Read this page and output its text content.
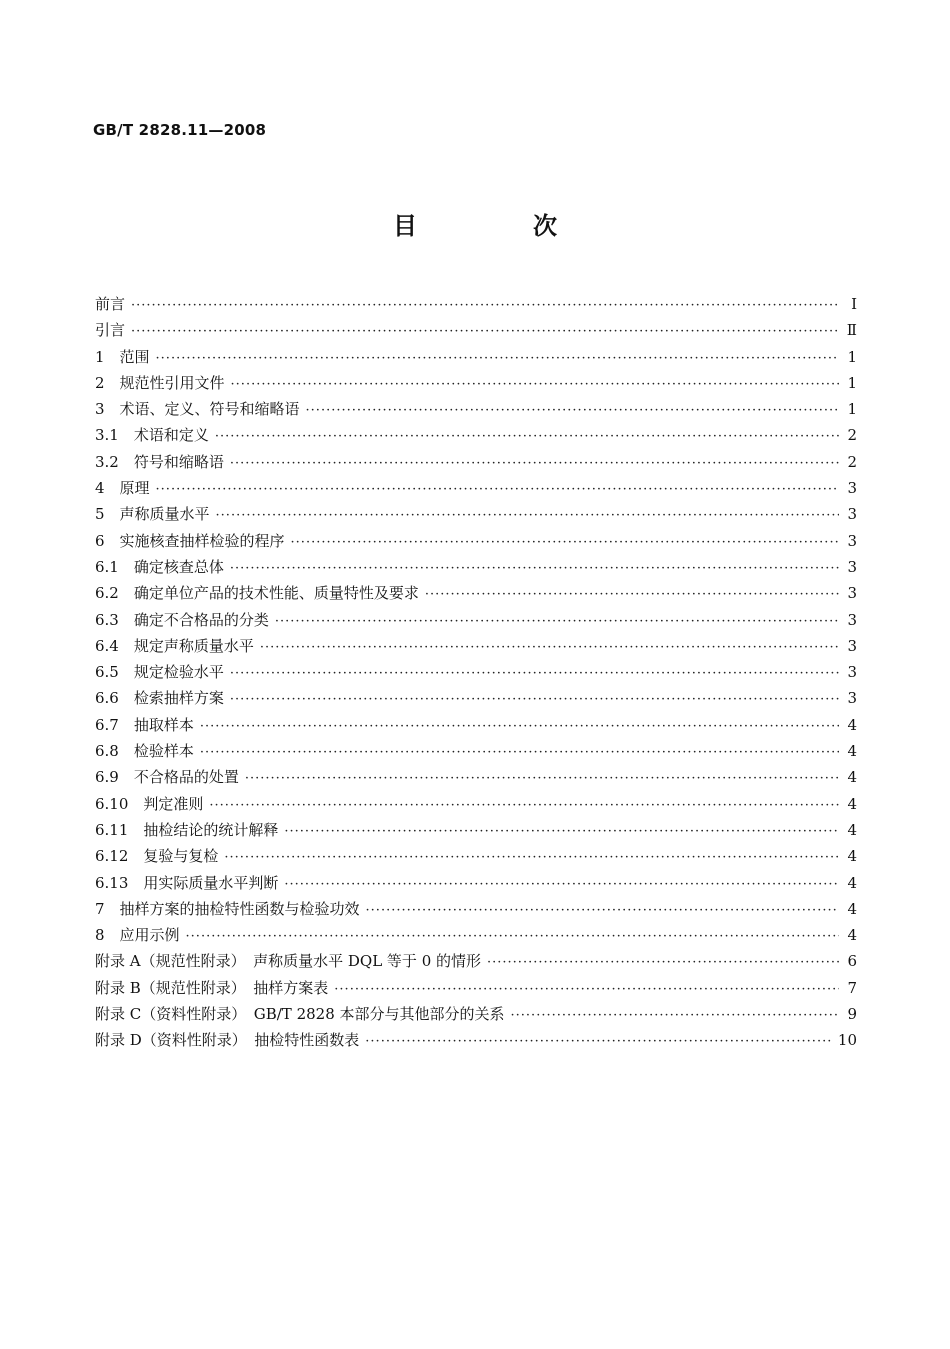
GB/T 2828.11—2008
目　次
前言 ·····	Ⅰ
引言 ·····	Ⅱ
1　范围 ·····	1
2　规范性引用文件 ·····	1
3　术语、定义、符号和缩略语 ·····	1
3.1　术语和定义 ·····	2
3.2　符号和缩略语 ·····	2
4　原理 ·····	3
5　声称质量水平 ·····	3
6　实施核查抽样检验的程序 ·····	3
6.1　确定核查总体 ·····	3
6.2　确定单位产品的技术性能、质量特性及要求 ·····	3
6.3　确定不合格品的分类 ·····	3
6.4　规定声称质量水平 ·····	3
6.5　规定检验水平 ·····	3
6.6　检索抽样方案 ·····	3
6.7　抽取样本 ·····	4
6.8　检验样本 ·····	4
6.9　不合格品的处置 ·····	4
6.10　判定准则 ·····	4
6.11　抽检结论的统计解释 ·····	4
6.12　复验与复检 ·····	4
6.13　用实际质量水平判断 ·····	4
7　抽样方案的抽检特性函数与检验功效 ·····	4
8　应用示例 ·····	4
附录 A（规范性附录）　声称质量水平 DQL 等于 0 的情形 ·····	6
附录 B（规范性附录）　抽样方案表 ·····	7
附录 C（资料性附录）　GB/T 2828 本部分与其他部分的关系 ·····	9
附录 D（资料性附录）　抽检特性函数表 ·····	10
